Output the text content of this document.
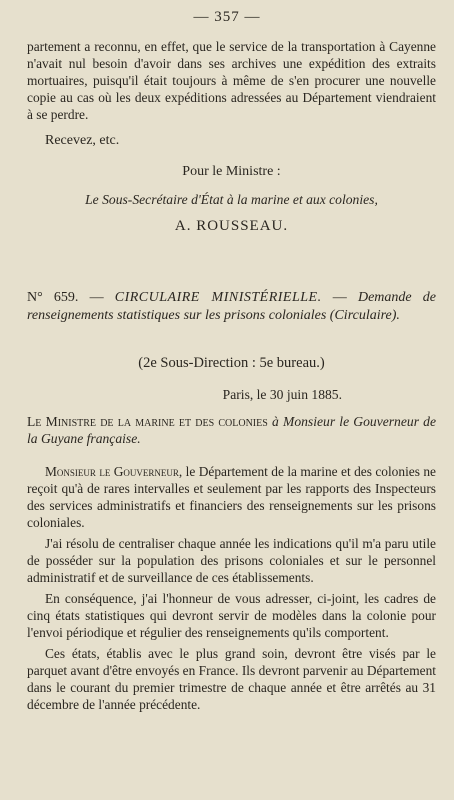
— 357 —

partement a reconnu, en effet, que le service de la transportation à Cayenne n'avait nul besoin d'avoir dans ses archives une expédition des extraits mortuaires, puisqu'il était toujours à même de s'en procurer une nouvelle copie au cas où les deux expéditions adressées au Département viendraient à se perdre.

Recevez, etc.

Pour le Ministre :

Le Sous-Secrétaire d'État à la marine et aux colonies,

A. ROUSSEAU.

N° 659. — CIRCULAIRE MINISTÉRIELLE. — Demande de renseignements statistiques sur les prisons coloniales (Circulaire).

(2e Sous-Direction : 5e bureau.)

Paris, le 30 juin 1885.

Le Ministre de la marine et des colonies à Monsieur le Gouverneur de la Guyane française.

Monsieur le Gouverneur, le Département de la marine et des colonies ne reçoit qu'à de rares intervalles et seulement par les rapports des Inspecteurs des services administratifs et financiers des renseignements sur les prisons coloniales.

J'ai résolu de centraliser chaque année les indications qu'il m'a paru utile de posséder sur la population des prisons coloniales et sur le personnel administratif et de surveillance de ces établissements.

En conséquence, j'ai l'honneur de vous adresser, ci-joint, les cadres de cinq états statistiques qui devront servir de modèles dans la colonie pour l'envoi périodique et régulier des renseignements qu'ils comportent.

Ces états, établis avec le plus grand soin, devront être visés par le parquet avant d'être envoyés en France. Ils devront parvenir au Département dans le courant du premier trimestre de chaque année et être arrêtés au 31 décembre de l'année précédente.
